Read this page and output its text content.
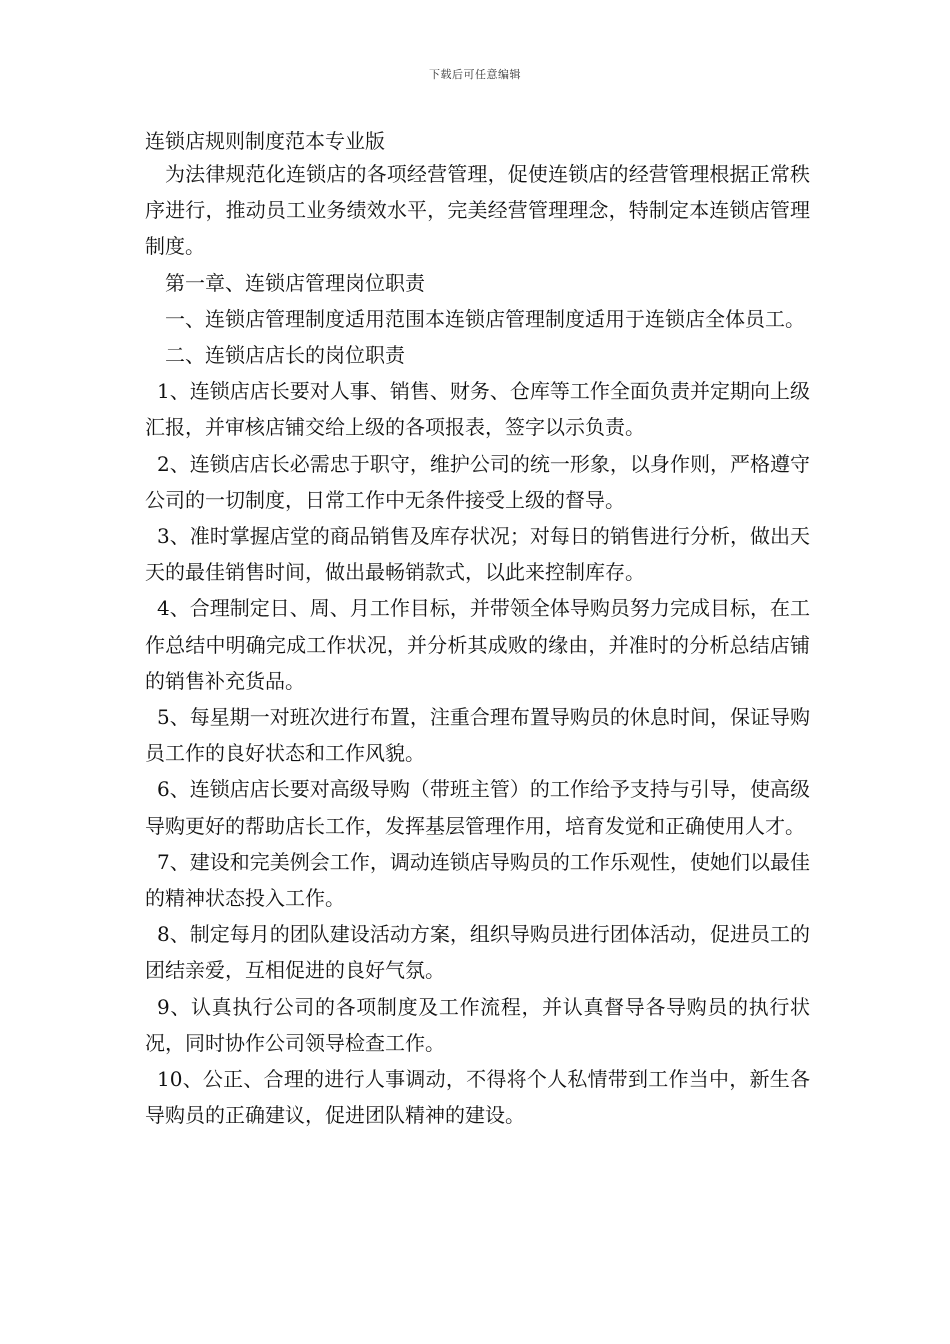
下载后可任意编辑
连锁店规则制度范本专业版

为法律规范化连锁店的各项经营管理，促使连锁店的经营管理根据正常秩序进行，推动员工业务绩效水平，完美经营管理理念，特制定本连锁店管理制度。

第一章、连锁店管理岗位职责

一、连锁店管理制度适用范围本连锁店管理制度适用于连锁店全体员工。

二、连锁店店长的岗位职责

1、连锁店店长要对人事、销售、财务、仓库等工作全面负责并定期向上级汇报，并审核店铺交给上级的各项报表，签字以示负责。

2、连锁店店长必需忠于职守，维护公司的统一形象，以身作则，严格遵守公司的一切制度，日常工作中无条件接受上级的督导。

3、准时掌握店堂的商品销售及库存状况；对每日的销售进行分析，做出天天的最佳销售时间，做出最畅销款式，以此来控制库存。

4、合理制定日、周、月工作目标，并带领全体导购员努力完成目标，在工作总结中明确完成工作状况，并分析其成败的缘由，并准时的分析总结店铺的销售补充货品。

5、每星期一对班次进行布置，注重合理布置导购员的休息时间，保证导购员工作的良好状态和工作风貌。

6、连锁店店长要对高级导购（带班主管）的工作给予支持与引导，使高级导购更好的帮助店长工作，发挥基层管理作用，培育发觉和正确使用人才。

7、建设和完美例会工作，调动连锁店导购员的工作乐观性，使她们以最佳的精神状态投入工作。

8、制定每月的团队建设活动方案，组织导购员进行团体活动，促进员工的团结亲爱，互相促进的良好气氛。

9、认真执行公司的各项制度及工作流程，并认真督导各导购员的执行状况，同时协作公司领导检查工作。

10、公正、合理的进行人事调动，不得将个人私情带到工作当中，新生各导购员的正确建议，促进团队精神的建设。
